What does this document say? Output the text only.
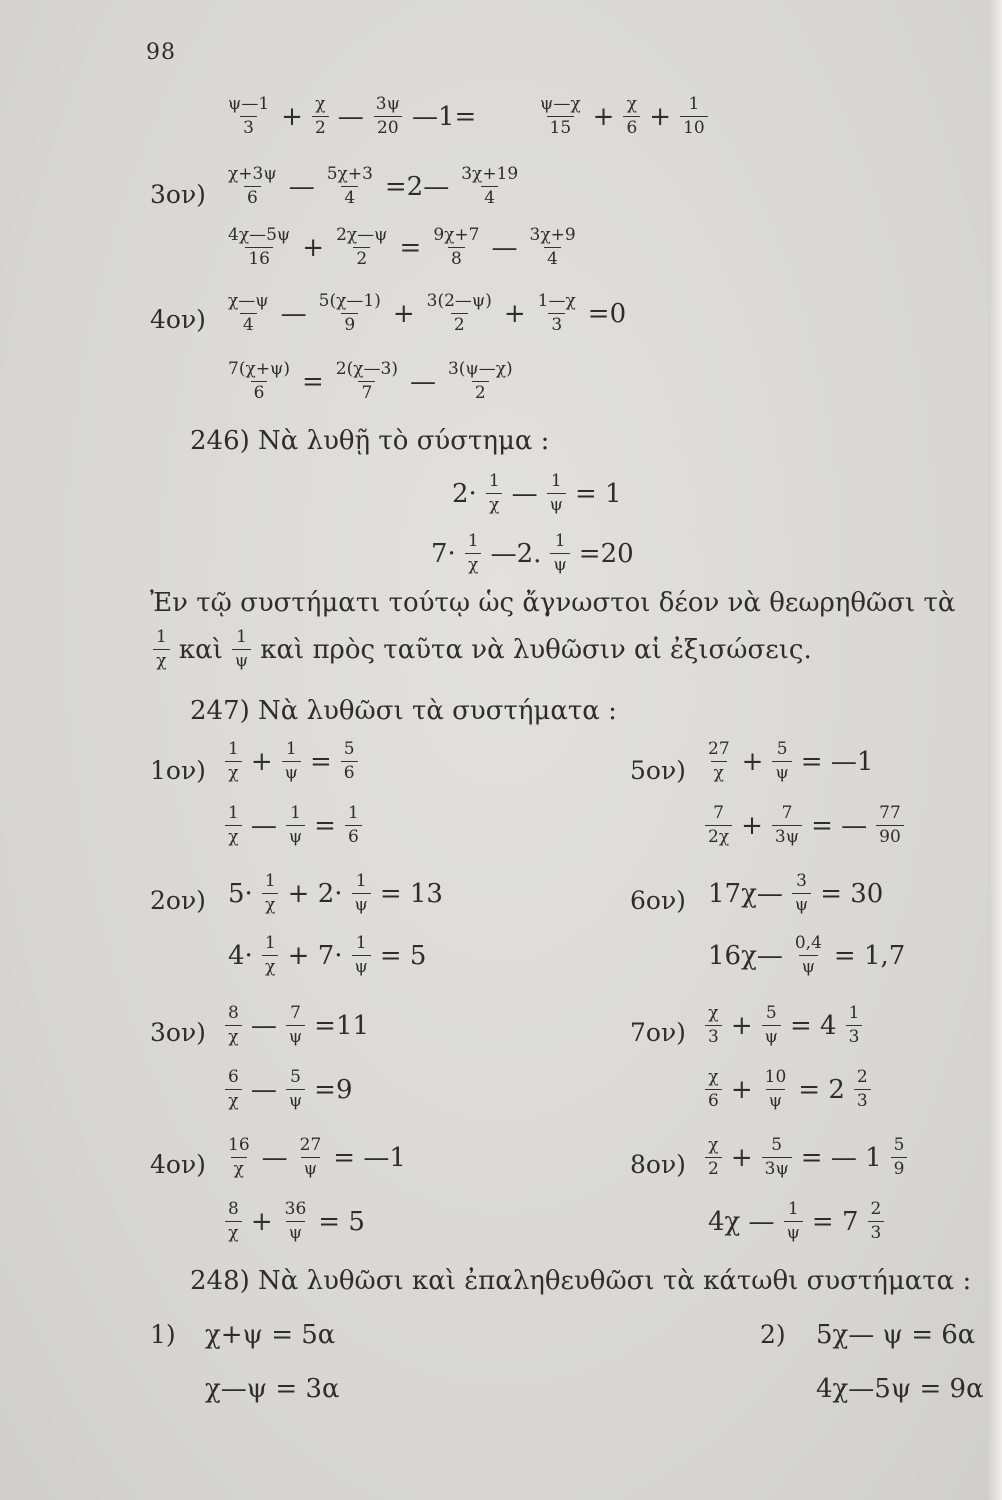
98
$\frac{\psi—1}{3} + \frac{\chi}{2}$ — $\frac{3\psi}{20}$ —1=	$\frac{\psi—\chi}{15} + \frac{\chi}{6} + \frac{1}{10}$
$3o\nu) \frac{\chi+3\psi}{6}$ — $\frac{5\chi+3}{4}$ =2— $\frac{3\chi+19}{4}$
$\frac{4\chi—5\psi}{16} + \frac{2\chi—\psi}{2} = \frac{9\chi+7}{8}$ — $\frac{3\chi+9}{4}$
$4o\nu) \frac{\chi—\psi}{4}$ — $\frac{5(\chi—1)}{9} + \frac{3(2—\psi)}{2} + \frac{1—\chi}{3} =0$
$\frac{7(\chi+\psi)}{6} = \frac{2(\chi—3)}{7}$ — $\frac{3(\psi—\chi)}{2}$
246) Νὰ λυθῇ τὸ σύστημα :
$2\cdot \frac{1}{\chi}$ — $\frac{1}{\psi} = 1$
$7\cdot \frac{1}{\chi}$ —2. $\frac{1}{\psi} =20$
Ἐν τῷ συστήματι τούτῳ ὡς ἄγνωστοι δέον νὰ θεωρηθῶσι τὰ
$\frac{1}{\chi}$ καὶ $\frac{1}{\psi}$ καὶ πρὸς ταῦτα νὰ λυθῶσιν αἱ ἐξισώσεις.
247) Νὰ λυθῶσι τὰ συστήματα :
$1o\nu) \frac{1}{\chi} + \frac{1}{\psi} = \frac{5}{6}$
$\frac{1}{\chi}$ — $\frac{1}{\psi} = \frac{1}{6}$
2ον) $5\cdot \frac{1}{\chi} + 2\cdot \frac{1}{\psi} = 13$
$4\cdot \frac{1}{\chi} + 7\cdot \frac{1}{\psi} = 5$
$3o\nu) \frac{8}{\chi}$ — $\frac{7}{\psi} =11$
$\frac{6}{\chi}$ — $\frac{5}{\psi} =9$
$4o\nu) \frac{16}{\chi}$ — $\frac{27}{\psi}$ = —1
$\frac{8}{\chi} + \frac{36}{\psi} = 5$
$5o\nu) \frac{27}{\chi} + \frac{5}{\psi}$ = —1
$\frac{7}{2\chi} + \frac{7}{3\psi}$ = — $\frac{77}{90}$
6ον) 17χ— $\frac{3}{\psi} = 30$
16χ— $\frac{0,4}{\psi} = 1,7$
$7o\nu) \frac{\chi}{3} + \frac{5}{\psi} = 4 \frac{1}{3}$
$\frac{\chi}{6} + \frac{10}{\psi} = 2 \frac{2}{3}$
$8o\nu) \frac{\chi}{2} + \frac{5}{3\psi}$ = — $1 \frac{5}{9}$
4χ — $\frac{1}{\psi} = 7 \frac{2}{3}$
248) Νὰ λυθῶσι καὶ ἐπαληθευθῶσι τὰ κάτωθι συστήματα :
1) χ+ψ = 5α
χ—ψ = 3α
2) 5χ— ψ = 6α
4χ—5ψ = 9α
